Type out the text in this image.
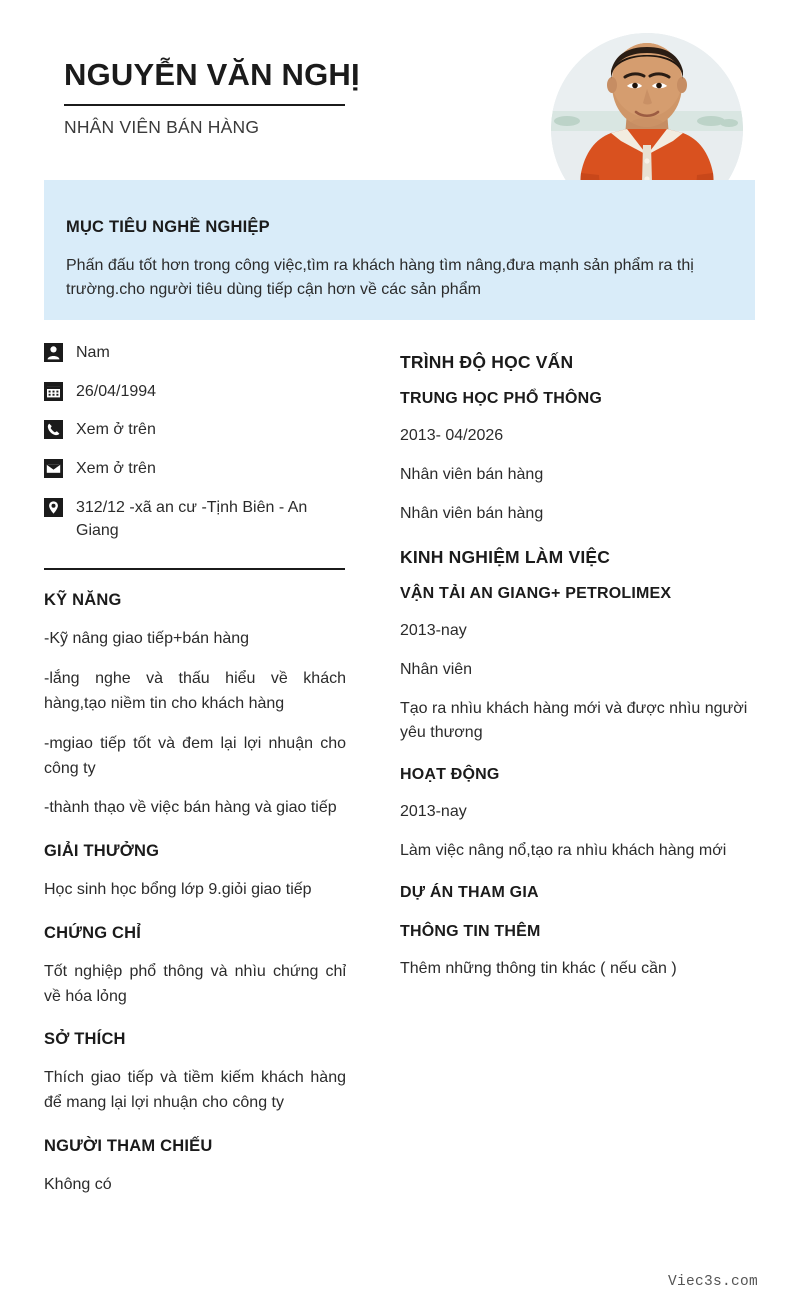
NGUYỄN VĂN NGHỊ
NHÂN VIÊN BÁN HÀNG
MỤC TIÊU NGHỀ NGHIỆP
Phấn đấu tốt hơn trong công việc,tìm ra khách hàng tìm nâng,đưa mạnh sản phẩm ra thị trường.cho người tiêu dùng tiếp cận hơn về các sản phẩm
Nam
26/04/1994
Xem ở trên
Xem ở trên
312/12 -xã an cư -Tịnh Biên - An Giang
KỸ NĂNG
-Kỹ nâng giao tiếp+bán hàng
-lắng nghe và thấu hiểu về khách hàng,tạo niềm tin cho khách hàng
-mgiao tiếp tốt và đem lại lợi nhuận cho công ty
-thành thạo về việc bán hàng và giao tiếp
GIẢI THƯỞNG
Học sinh học bổng lớp 9.giỏi giao tiếp
CHỨNG CHỈ
Tốt nghiệp phổ thông và nhìu chứng chỉ về hóa lỏng
SỞ THÍCH
Thích giao tiếp và tiềm kiếm khách hàng để mang lại lợi nhuận cho công ty
NGƯỜI THAM CHIẾU
Không có
TRÌNH ĐỘ HỌC VẤN
TRUNG HỌC PHỔ THÔNG
2013- 04/2026
Nhân viên bán hàng
Nhân viên bán hàng
KINH NGHIỆM LÀM VIỆC
VẬN TẢI AN GIANG+ PETROLIMEX
2013-nay
Nhân viên
Tạo ra nhìu khách hàng mới và được nhìu người yêu thương
HOẠT ĐỘNG
2013-nay
Làm việc nâng nổ,tạo ra nhìu khách hàng mới
DỰ ÁN THAM GIA
THÔNG TIN THÊM
Thêm những thông tin khác ( nếu cần )
Viec3s.com
